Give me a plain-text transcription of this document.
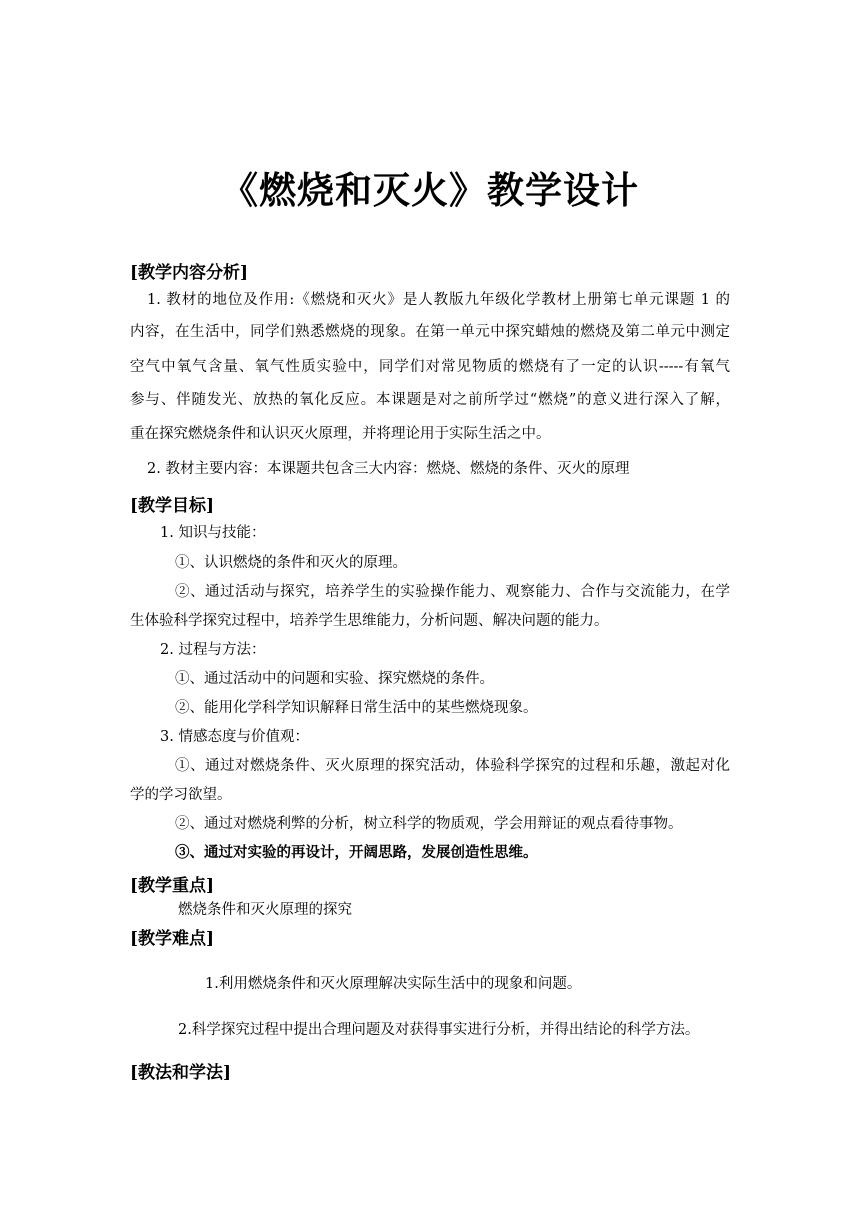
《燃烧和灭火》教学设计
[教学内容分析]
1. 教材的地位及作用:《燃烧和灭火》是人教版九年级化学教材上册第七单元课题 1 的
内容，在生活中，同学们熟悉燃烧的现象。在第一单元中探究蜡烛的燃烧及第二单元中测定
空气中氧气含量、氧气性质实验中，同学们对常见物质的燃烧有了一定的认识-----有氧气
参与、伴随发光、放热的氧化反应。本课题是对之前所学过“燃烧”的意义进行深入了解，
重在探究燃烧条件和认识灭火原理，并将理论用于实际生活之中。
2. 教材主要内容：本课题共包含三大内容：燃烧、燃烧的条件、灭火的原理
[教学目标]
1. 知识与技能：
①、认识燃烧的条件和灭火的原理。
②、通过活动与探究，培养学生的实验操作能力、观察能力、合作与交流能力，在学
生体验科学探究过程中，培养学生思维能力，分析问题、解决问题的能力。
2. 过程与方法：
①、通过活动中的问题和实验、探究燃烧的条件。
②、能用化学科学知识解释日常生活中的某些燃烧现象。
3. 情感态度与价值观：
①、通过对燃烧条件、灭火原理的探究活动，体验科学探究的过程和乐趣，激起对化
学的学习欲望。
②、通过对燃烧利弊的分析，树立科学的物质观，学会用辩证的观点看待事物。
③、通过对实验的再设计，开阔思路，发展创造性思维。
[教学重点]
燃烧条件和灭火原理的探究
[教学难点]
1.利用燃烧条件和灭火原理解决实际生活中的现象和问题。
2.科学探究过程中提出合理问题及对获得事实进行分析，并得出结论的科学方法。
[教法和学法]
